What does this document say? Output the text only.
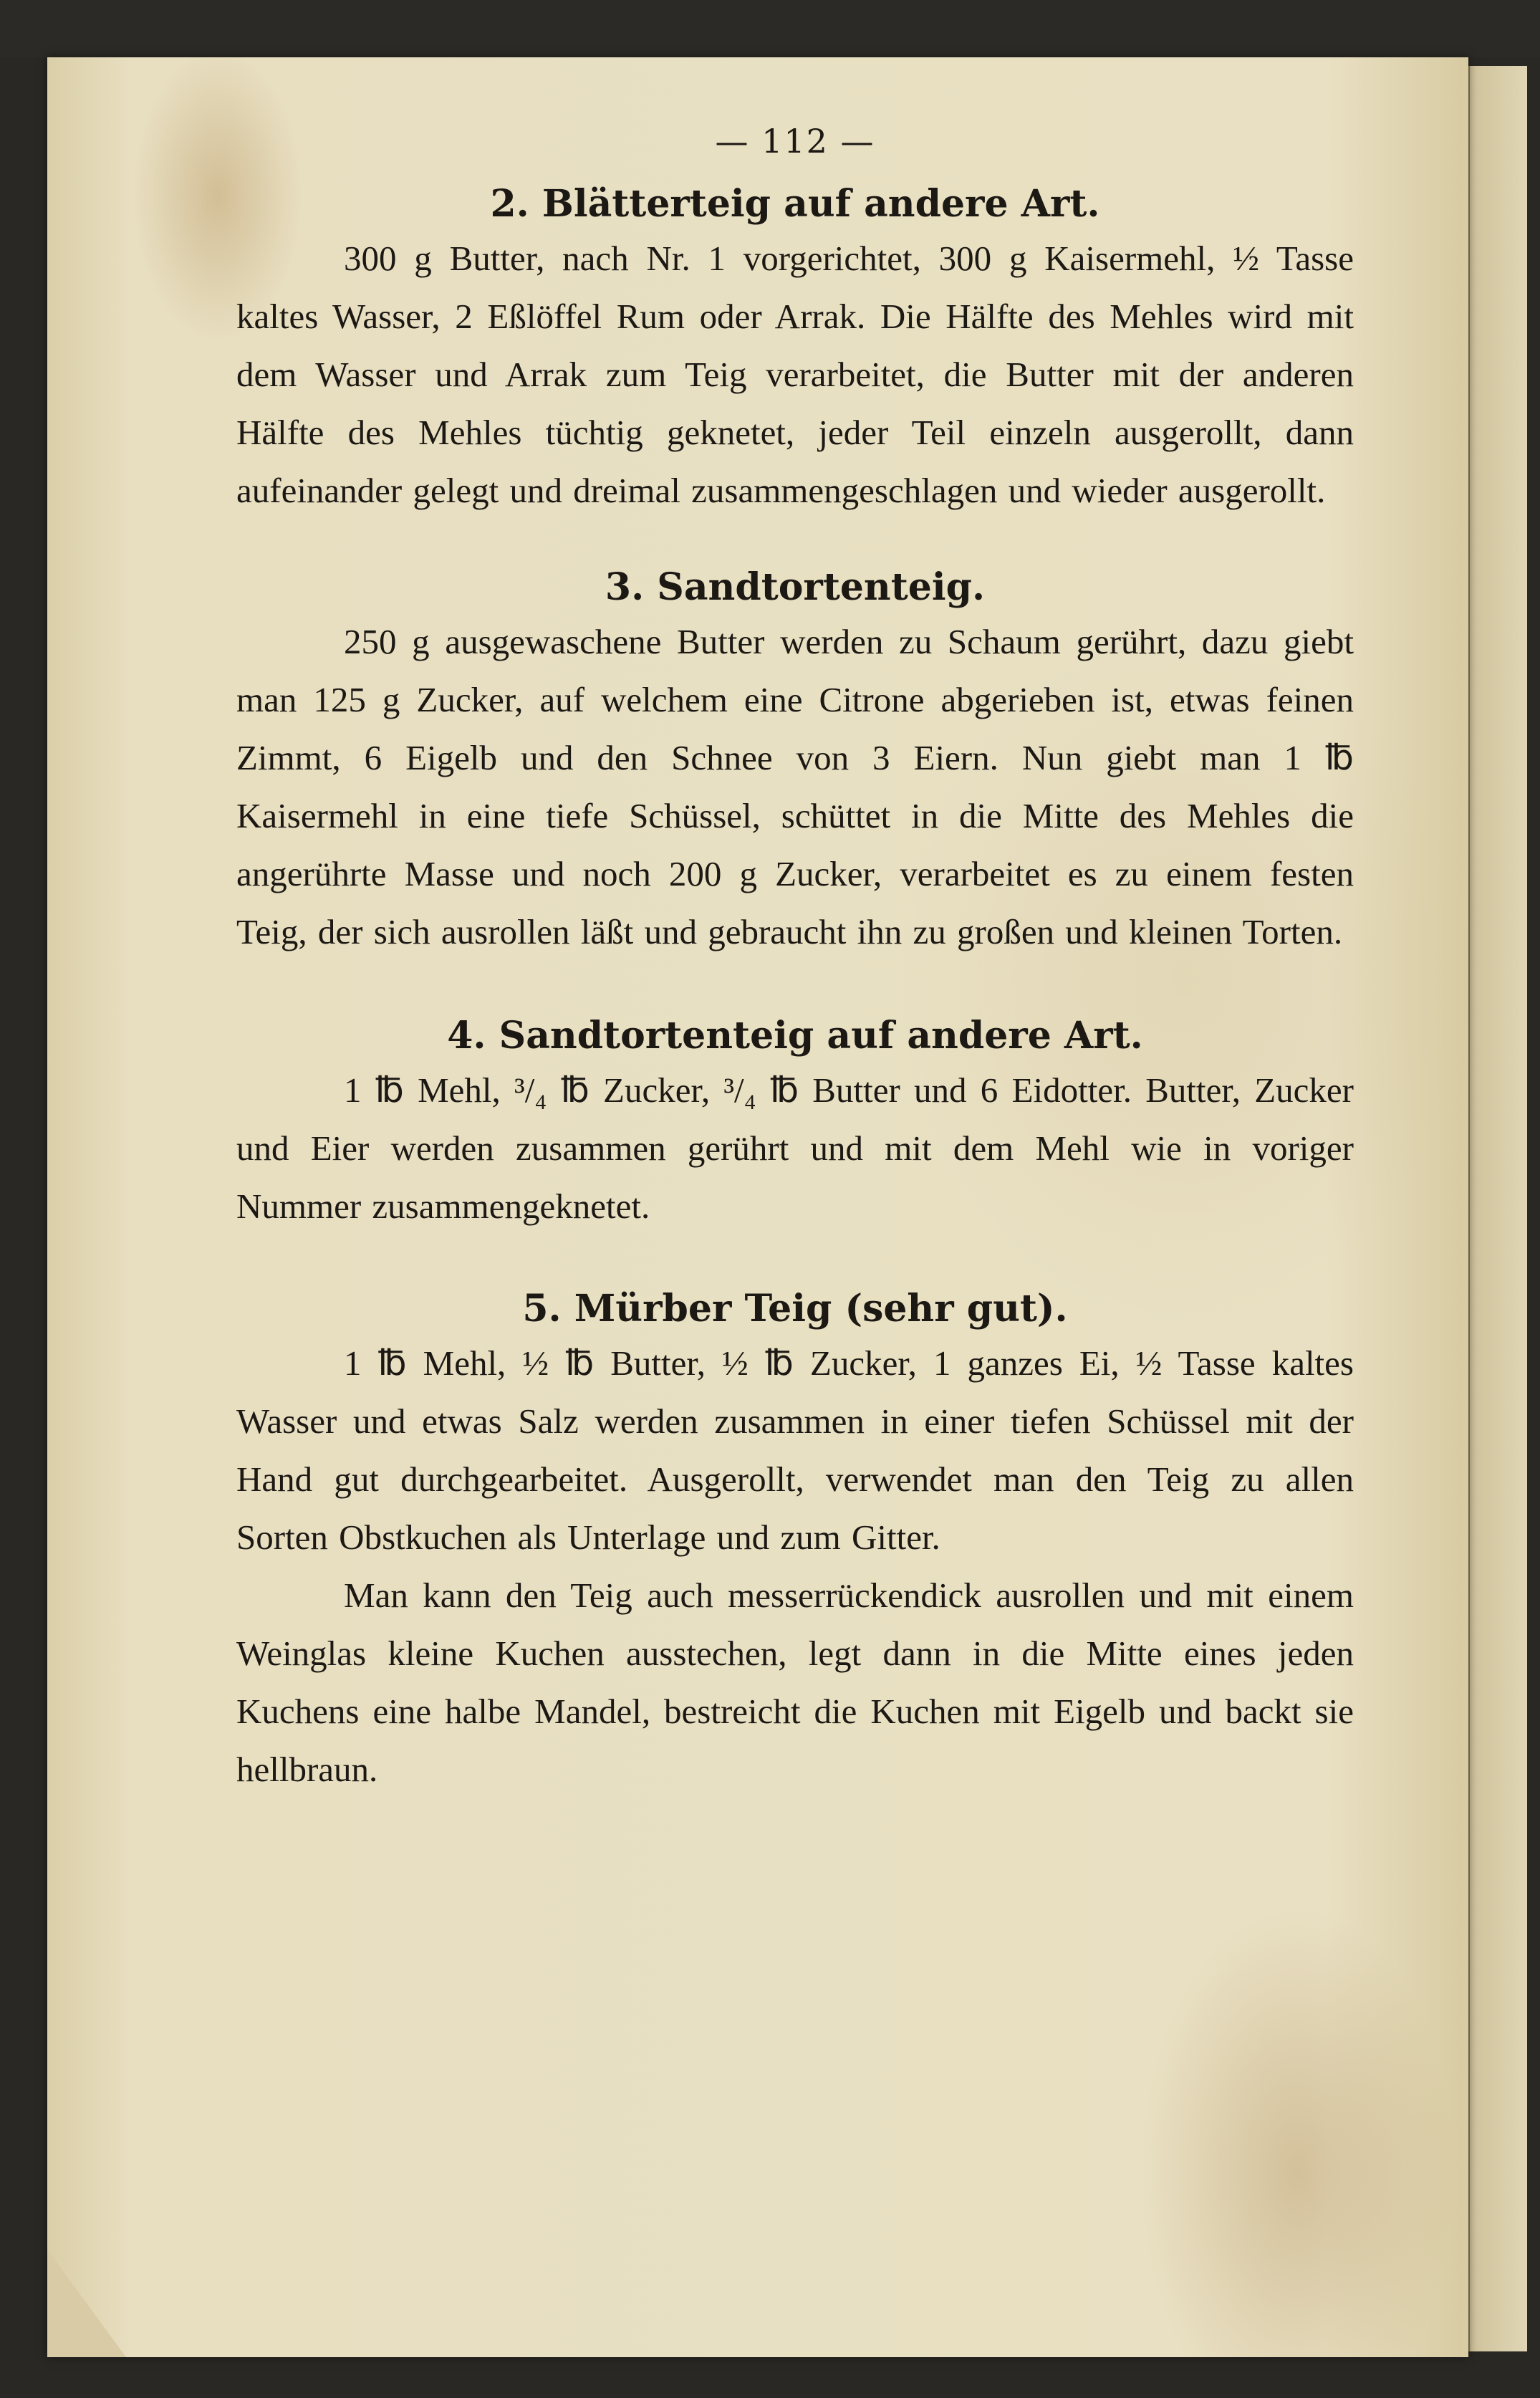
— 112 —
2. Blätterteig auf andere Art.

300 g Butter, nach Nr. 1 vorgerichtet, 300 g Kaisermehl, ½ Tasse kaltes Wasser, 2 Eßlöffel Rum oder Arrak. Die Hälfte des Mehles wird mit dem Wasser und Arrak zum Teig verarbeitet, die Butter mit der anderen Hälfte des Mehles tüchtig geknetet, jeder Teil einzeln ausgerollt, dann aufeinander gelegt und dreimal zusammengeschlagen und wieder ausgerollt.

3. Sandtortenteig.

250 g ausgewaschene Butter werden zu Schaum gerührt, dazu giebt man 125 g Zucker, auf welchem eine Citrone abgerieben ist, etwas feinen Zimmt, 6 Eigelb und den Schnee von 3 Eiern. Nun giebt man 1 ℔ Kaisermehl in eine tiefe Schüssel, schüttet in die Mitte des Mehles die angerührte Masse und noch 200 g Zucker, verarbeitet es zu einem festen Teig, der sich ausrollen läßt und gebraucht ihn zu großen und kleinen Torten.

4. Sandtortenteig auf andere Art.

1 ℔ Mehl, ³/₄ ℔ Zucker, ³/₄ ℔ Butter und 6 Eidotter. Butter, Zucker und Eier werden zusammen gerührt und mit dem Mehl wie in voriger Nummer zusammengeknetet.

5. Mürber Teig (sehr gut).

1 ℔ Mehl, ½ ℔ Butter, ½ ℔ Zucker, 1 ganzes Ei, ½ Tasse kaltes Wasser und etwas Salz werden zusammen in einer tiefen Schüssel mit der Hand gut durchgearbeitet. Ausgerollt, verwendet man den Teig zu allen Sorten Obstkuchen als Unterlage und zum Gitter.

Man kann den Teig auch messerrückendick ausrollen und mit einem Weinglas kleine Kuchen ausstechen, legt dann in die Mitte eines jeden Kuchens eine halbe Mandel, bestreicht die Kuchen mit Eigelb und backt sie hellbraun.
